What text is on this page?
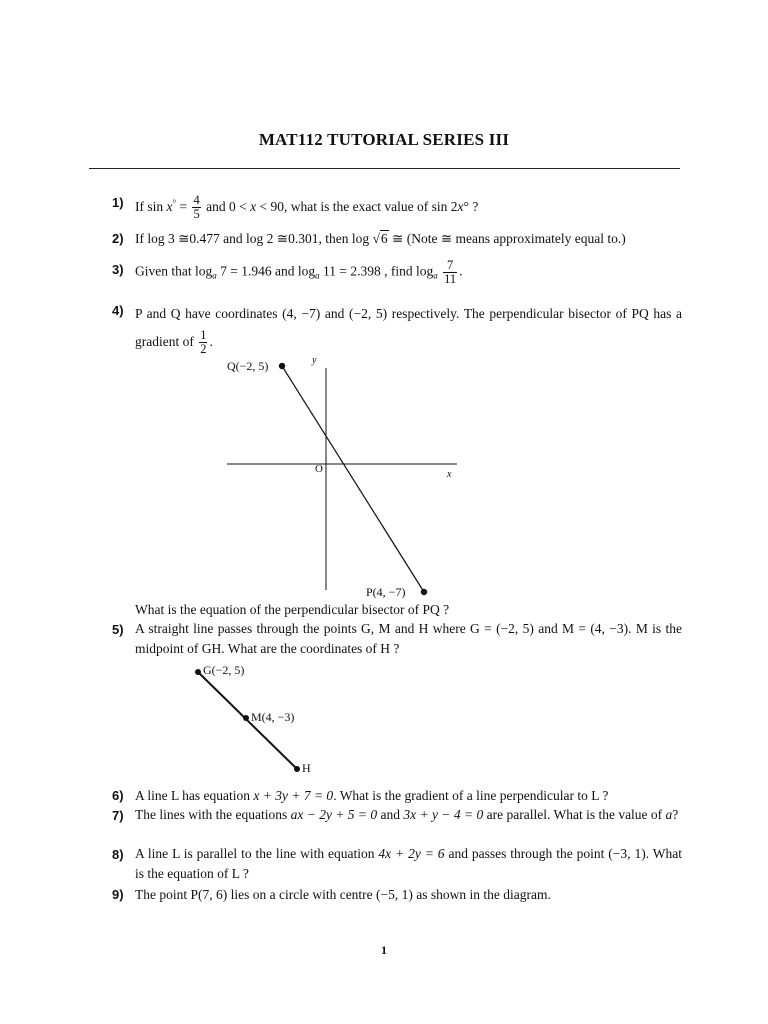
MAT112 TUTORIAL SERIES III
1) If $\sin x^\circ = \frac{4}{5}$ and 0 < x < 90, what is the exact value of sin 2x° ?
2) If log 3 ≅0.477 and log 2 ≅0.301, then log √6 ≅ (Note ≅ means approximately equal to.)
3) Given that $\log_a 7 = 1.946$ and $\log_a 11 = 2.398$ , find $\log_a \frac{7}{11}$ .
4) P and Q have coordinates (4, −7) and (−2, 5) respectively. The perpendicular bisector of PQ has a gradient of $\frac{1}{2}$ .
Q(−2, 5)	y
x
O
P(4, −7)
What is the equation of the perpendicular bisector of PQ ?
5) A straight line passes through the points G, M and H where G = (−2, 5) and M = (4, −3). M is the midpoint of GH. What are the coordinates of H ?
G(−2, 5)
M(4, −3)
H
6) A line L has equation x + 3y + 7 = 0. What is the gradient of a line perpendicular to L ?
7) The lines with the equations ax − 2y + 5 = 0 and 3x + y − 4 = 0 are parallel. What is the value of a?
8) A line L is parallel to the line with equation 4x + 2y = 6 and passes through the point (−3, 1). What is the equation of L ?
9) The point P(7, 6) lies on a circle with centre (−5, 1) as shown in the diagram.
1
